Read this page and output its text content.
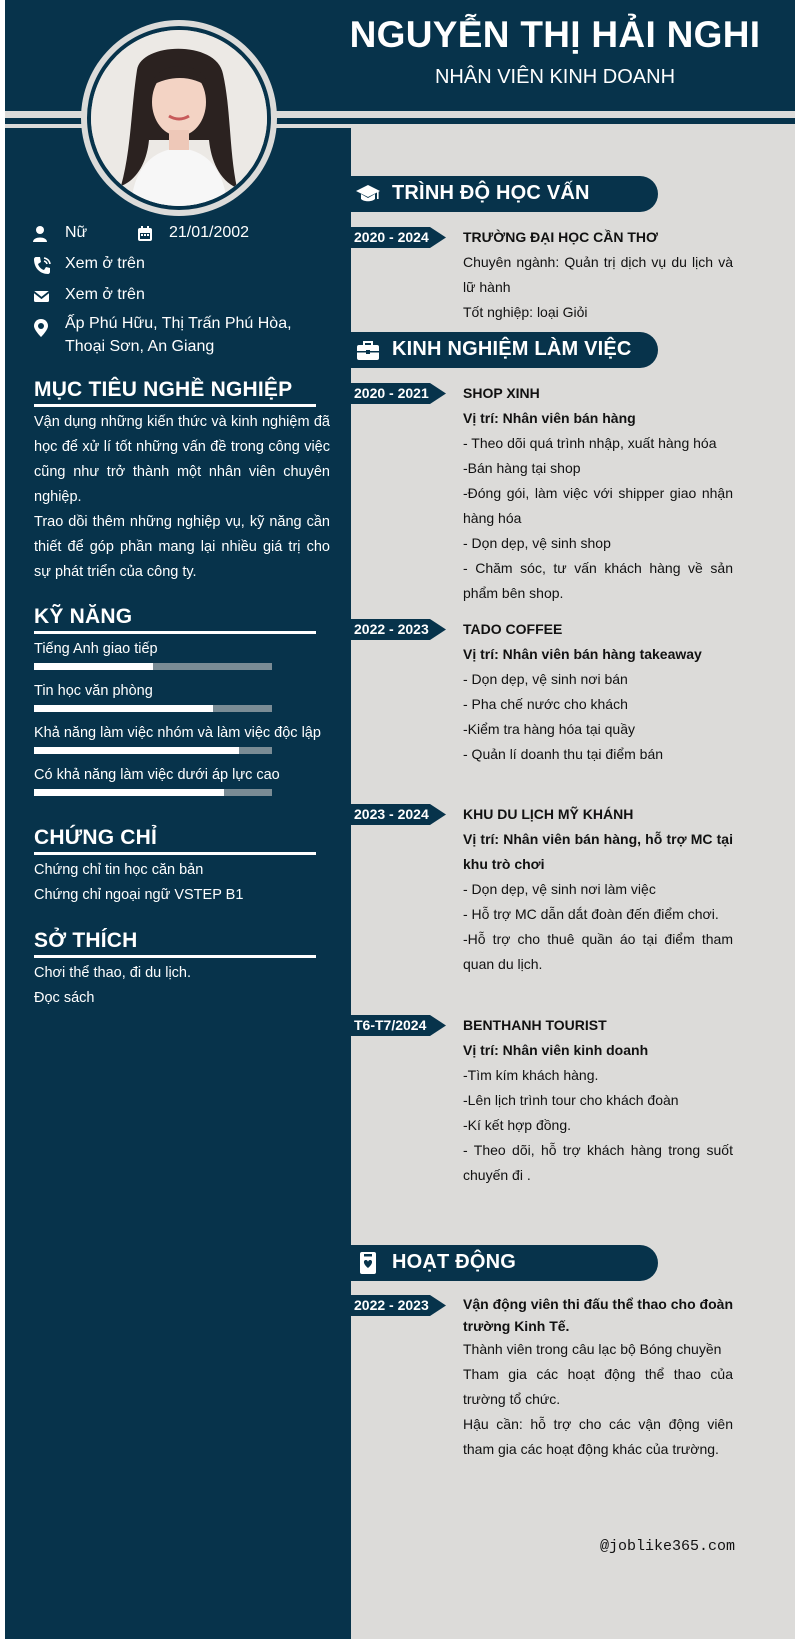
NGUYỄN THỊ HẢI NGHI
NHÂN VIÊN KINH DOANH
Nữ	21/01/2002
Xem ở trên
Xem ở trên
Ấp Phú Hữu, Thị Trấn Phú Hòa, Thoại Sơn, An Giang
MỤC TIÊU NGHỀ NGHIỆP
Vận dụng những kiến thức và kinh nghiệm đã học để xử lí tốt những vấn đề trong công việc cũng như trở thành một nhân viên chuyên nghiệp.
Trao dồi thêm những nghiệp vụ, kỹ năng cần thiết để góp phần mang lại nhiều giá trị cho sự phát triển của công ty.
KỸ NĂNG
Tiếng Anh giao tiếp
Tin học văn phòng
Khả năng làm việc nhóm và làm việc độc lập
Có khả năng làm việc dưới áp lực cao
CHỨNG CHỈ
Chứng chỉ tin học căn bản
Chứng chỉ ngoại ngữ VSTEP B1
SỞ THÍCH
Chơi thể thao, đi du lịch.
Đọc sách
TRÌNH ĐỘ HỌC VẤN
2020 - 2024 TRƯỜNG ĐẠI HỌC CẦN THƠ
Chuyên ngành: Quản trị dịch vụ du lịch và lữ hành
Tốt nghiệp: loại Giỏi
KINH NGHIỆM LÀM VIỆC
2020 - 2021 SHOP XINH
Vị trí: Nhân viên bán hàng
- Theo dõi quá trình nhập, xuất hàng hóa
-Bán hàng tại shop
-Đóng gói, làm việc với shipper giao nhận hàng hóa
- Dọn dẹp, vệ sinh shop
- Chăm sóc, tư vấn khách hàng về sản phẩm bên shop.
2022 - 2023 TADO COFFEE
Vị trí: Nhân viên bán hàng takeaway
- Dọn dẹp, vệ sinh nơi bán
- Pha chế nước cho khách
-Kiểm tra hàng hóa tại quầy
- Quản lí doanh thu tại điểm bán
2023 - 2024 KHU DU LỊCH MỸ KHÁNH
Vị trí: Nhân viên bán hàng, hỗ trợ MC tại khu trò chơi
- Dọn dẹp, vệ sinh nơi làm việc
- Hỗ trợ MC dẫn dắt đoàn đến điểm chơi.
-Hỗ trợ cho thuê quần áo tại điểm tham quan du lịch.
T6-T7/2024	BENTHANH TOURIST
Vị trí: Nhân viên kinh doanh
-Tìm kím khách hàng.
-Lên lịch trình tour cho khách đoàn
-Kí kết hợp đồng.
- Theo dõi, hỗ trợ khách hàng trong suốt chuyến đi .
HOẠT ĐỘNG
2022 - 2023 Vận động viên thi đấu thể thao cho đoàn trường Kinh Tế.
Thành viên trong câu lạc bộ Bóng chuyền
Tham gia các hoạt động thể thao của trường tổ chức.
Hậu cần: hỗ trợ cho các vận động viên tham gia các hoạt động khác của trường.
@joblike365.com
